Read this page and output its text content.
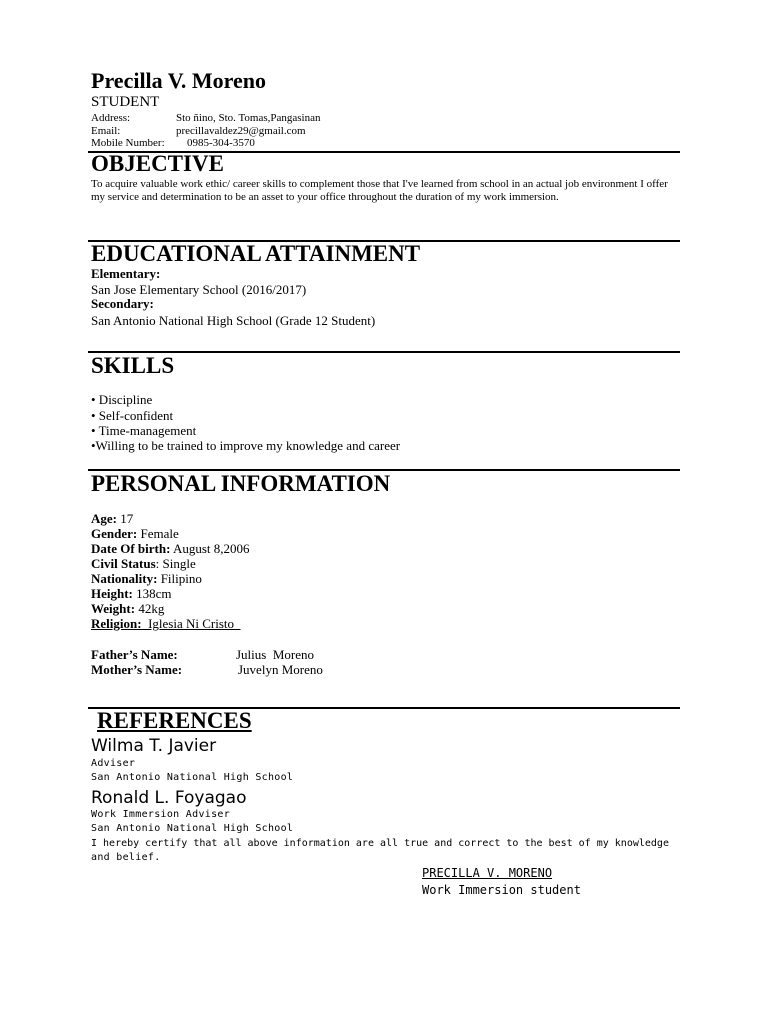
Precilla V. Moreno
STUDENT
Address:	Sto ñino, Sto. Tomas,Pangasinan
Email:	precillavaldez29@gmail.com
Mobile Number: 0985-304-3570
OBJECTIVE
To acquire valuable work ethic/ career skills to complement those that I've learned from school in an actual job environment I offer my service and determination to be an asset to your office throughout the duration of my work immersion.
EDUCATIONAL ATTAINMENT
Elementary:
San Jose Elementary School (2016/2017)
Secondary:
San Antonio National High School (Grade 12 Student)
SKILLS
• Discipline
• Self-confident
• Time-management
•Willing to be trained to improve my knowledge and career
PERSONAL INFORMATION
Age: 17
Gender: Female
Date Of birth: August 8,2006
Civil Status: Single
Nationality: Filipino
Height: 138cm
Weight: 42kg
Religion:  Iglesia Ni Cristo
Father’s Name:	Julius  Moreno
Mother’s Name:	Juvelyn Moreno
REFERENCES
Wilma T. Javier
Adviser
San Antonio National High School
Ronald L. Foyagao
Work Immersion Adviser
San Antonio National High School
I hereby certify that all above information are all true and correct to the best of my knowledge
and belief.
PRECILLA V. MORENO
Work Immersion student
